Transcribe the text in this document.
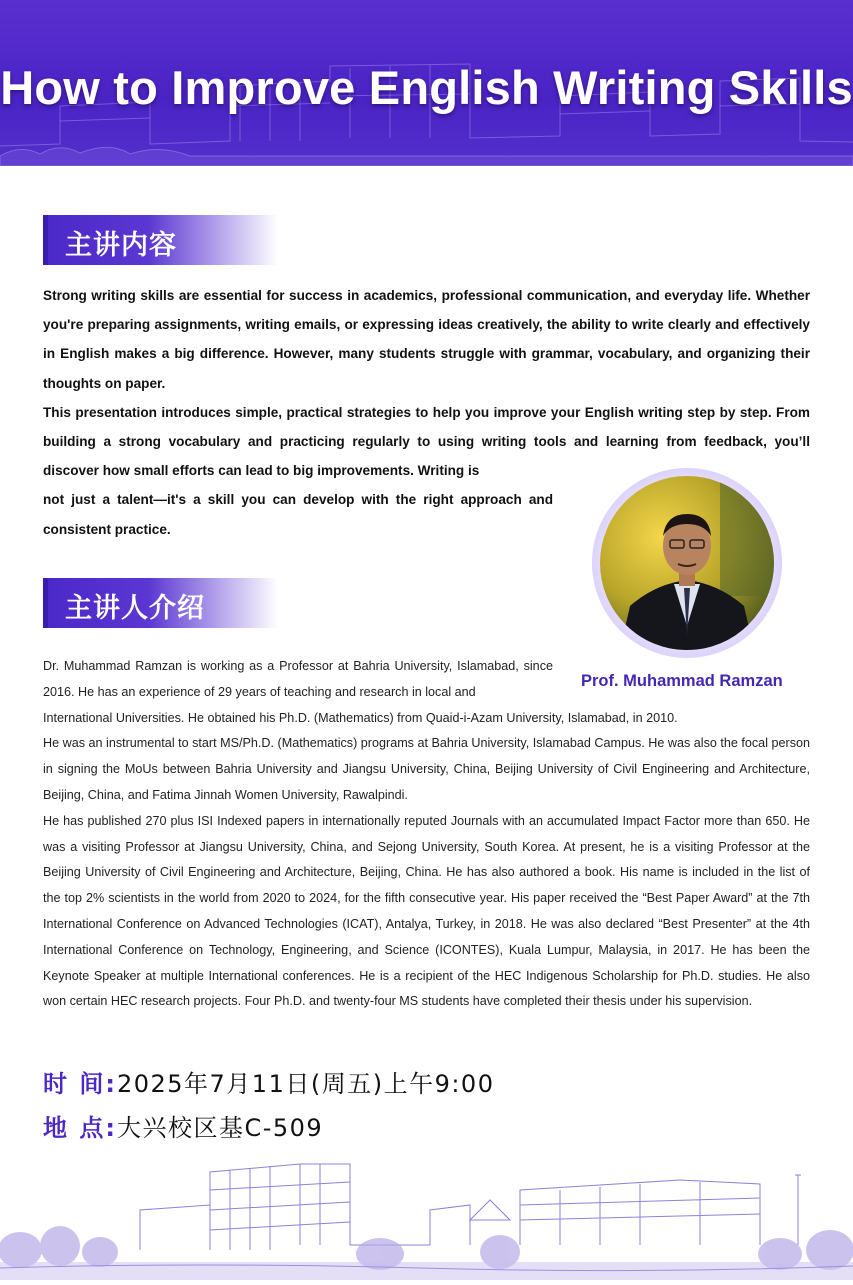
How to Improve English Writing Skills
主讲内容

Strong writing skills are essential for success in academics, professional communication, and everyday life. Whether you're preparing assignments, writing emails, or expressing ideas creatively, the ability to write clearly and effectively in English makes a big difference. However, many students struggle with grammar, vocabulary, and organizing their thoughts on paper.

This presentation introduces simple, practical strategies to help you improve your English writing step by step. From building a strong vocabulary and practicing regularly to using writing tools and learning from feedback, you’ll discover how small efforts can lead to big improvements. Writing is

not just a talent—it's a skill you can develop with the right approach and consistent practice.

Prof. Muhammad Ramzan
主讲人介绍

Dr. Muhammad Ramzan is working as a Professor at Bahria University, Islamabad, since 2016. He has an experience of 29 years of teaching and research in local and

International Universities. He obtained his Ph.D. (Mathematics) from Quaid-i-Azam University, Islamabad, in 2010.

He was an instrumental to start MS/Ph.D. (Mathematics) programs at Bahria University, Islamabad Campus. He was also the focal person in signing the MoUs between Bahria University and Jiangsu University, China, Beijing University of Civil Engineering and Architecture, Beijing, China, and Fatima Jinnah Women University, Rawalpindi.

He has published 270 plus ISI Indexed papers in internationally reputed Journals with an accumulated Impact Factor more than 650. He was a visiting Professor at Jiangsu University, China, and Sejong University, South Korea. At present, he is a visiting Professor at the Beijing University of Civil Engineering and Architecture, Beijing, China. He has also authored a book. His name is included in the list of the top 2% scientists in the world from 2020 to 2024, for the fifth consecutive year. His paper received the “Best Paper Award” at the 7th International Conference on Advanced Technologies (ICAT), Antalya, Turkey, in 2018. He was also declared “Best Presenter” at the 4th International Conference on Technology, Engineering, and Science (ICONTES), Kuala Lumpur, Malaysia, in 2017. He has been the Keynote Speaker at multiple International conferences. He is a recipient of the HEC Indigenous Scholarship for Ph.D. studies. He also won certain HEC research projects. Four Ph.D. and twenty-four MS students have completed their thesis under his supervision.

时 间:2025年7月11日(周五)上午9:00
地 点:大兴校区基C-509
